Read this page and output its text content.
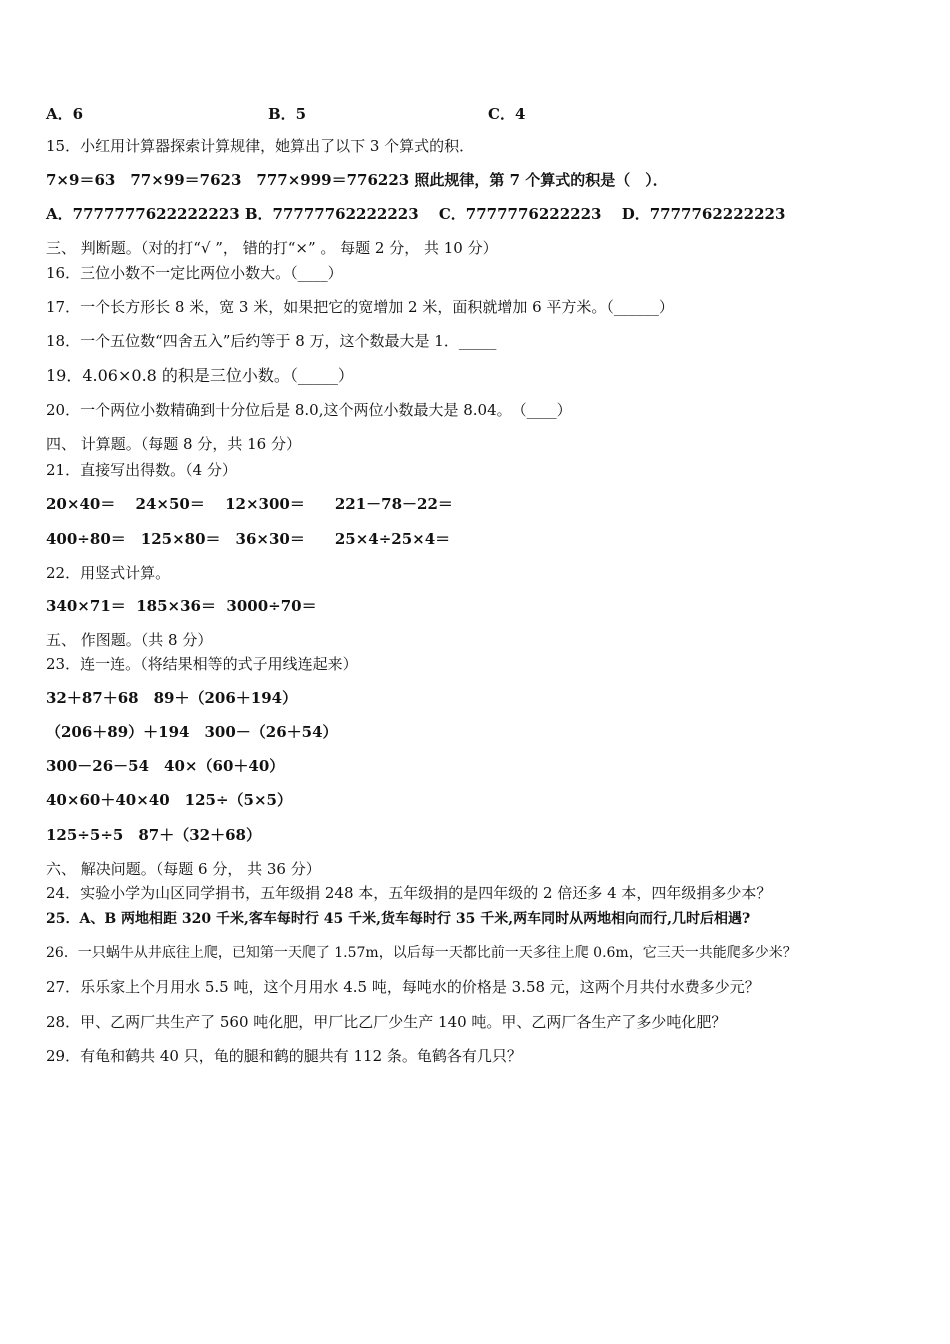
A．6	B．5	C．4
15．小红用计算器探索计算规律，她算出了以下 3 个算式的积．
7×9＝63　77×99＝7623　777×999＝776223 照此规律，第 7 个算式的积是（　）．
A．7777777622222223 B．77777762222223　 C．7777776222223　 D．7777762222223
三、 判断题。（对的打“√ ”， 错的打“×” 。 每题 2 分， 共 10 分）
16．三位小数不一定比两位小数大。（____）
17．一个长方形长 8 米，宽 3 米，如果把它的宽增加 2 米，面积就增加 6 平方米。（______）
18．一个五位数“四舍五入”后约等于 8 万，这个数最大是 1．_____
19．4.06×0.8 的积是三位小数。（_____）
20．一个两位小数精确到十分位后是 8.0,这个两位小数最大是 8.04。　（____）
四、 计算题。（每题 8 分，共 16 分）
21．直接写出得数。（4 分）
20×40＝　 24×50＝　 12×300＝　　221－78－22＝
400÷80＝　125×80＝　36×30＝　　25×4÷25×4＝
22．用竖式计算。
340×71＝  185×36＝  3000÷70＝
五、 作图题。（共 8 分）
23．连一连。（将结果相等的式子用线连起来）
32＋87＋68　89＋（206＋194）
（206＋89）＋194　300－（26＋54）
300－26－54　40×（60＋40）
40×60＋40×40　125÷（5×5）
125÷5÷5　87＋（32＋68）
六、 解决问题。（每题 6 分， 共 36 分）
24．实验小学为山区同学捐书，五年级捐 248 本，五年级捐的是四年级的 2 倍还多 4 本，四年级捐多少本？
25．A、B 两地相距 320 千米,客车每时行 45 千米,货车每时行 35 千米,两车同时从两地相向而行,几时后相遇?
26．一只蜗牛从井底往上爬，已知第一天爬了 1.57m，以后每一天都比前一天多往上爬 0.6m，它三天一共能爬多少米？
27．乐乐家上个月用水 5.5 吨，这个月用水 4.5 吨，每吨水的价格是 3.58 元，这两个月共付水费多少元？
28．甲、乙两厂共生产了 560 吨化肥，甲厂比乙厂少生产 140 吨。甲、乙两厂各生产了多少吨化肥？
29．有龟和鹤共 40 只，龟的腿和鹤的腿共有 112 条。龟鹤各有几只？
